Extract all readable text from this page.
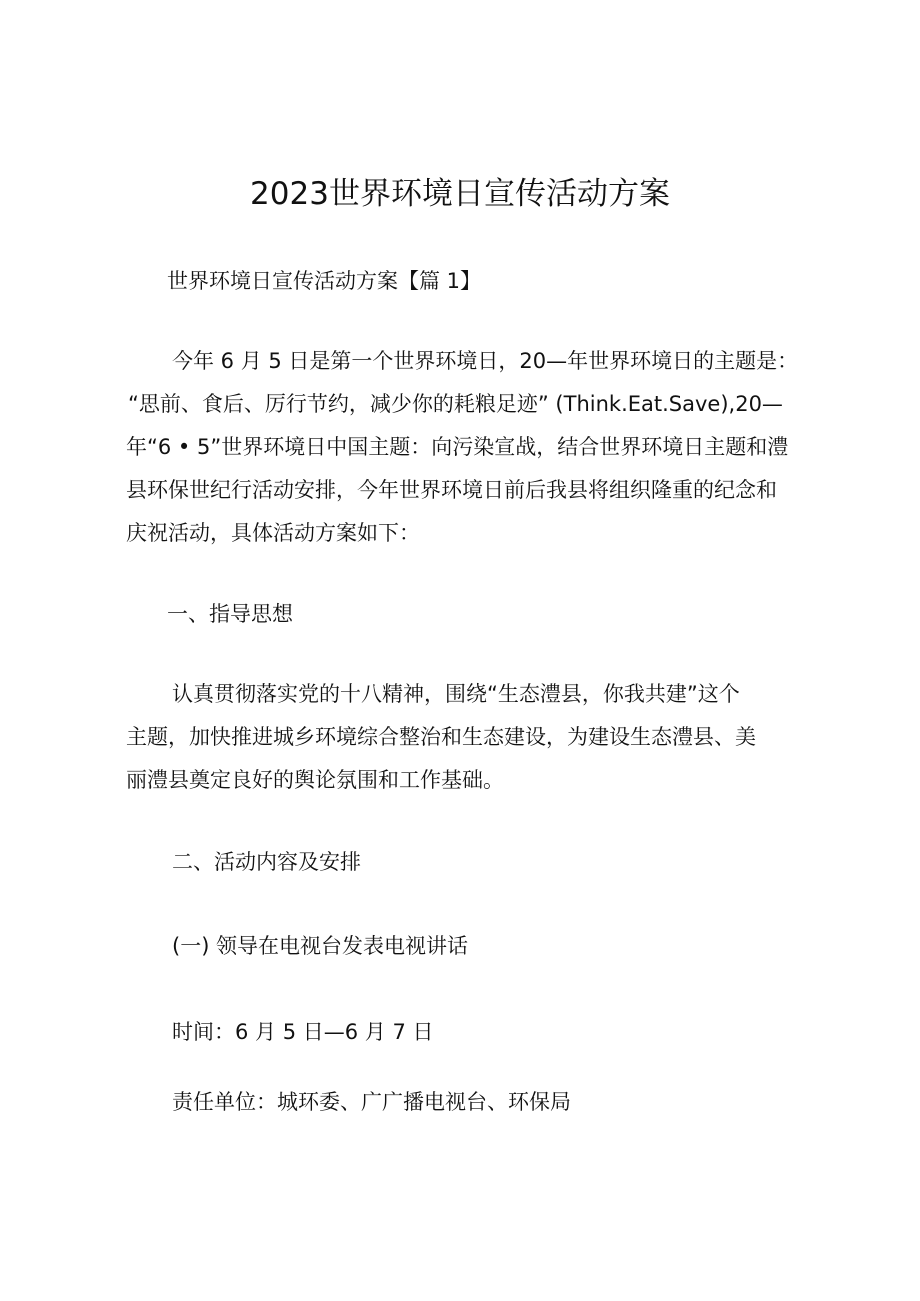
2023世界环境日宣传活动方案
世界环境日宣传活动方案【篇 1】
今年 6 月 5 日是第一个世界环境日，20—年世界环境日的主题是：
“思前、食后、厉行节约，减少你的耗粮足迹” (Think.Eat.Save),20—
年“6 • 5”世界环境日中国主题：向污染宣战，结合世界环境日主题和澧
县环保世纪行活动安排，今年世界环境日前后我县将组织隆重的纪念和
庆祝活动，具体活动方案如下：
一、指导思想
认真贯彻落实党的十八精神，围绕“生态澧县，你我共建”这个
主题，加快推进城乡环境综合整治和生态建设，为建设生态澧县、美
丽澧县奠定良好的舆论氛围和工作基础。
二、活动内容及安排
(一) 领导在电视台发表电视讲话
时间：6 月 5 日—6 月 7 日
责任单位：城环委、广广播电视台、环保局
